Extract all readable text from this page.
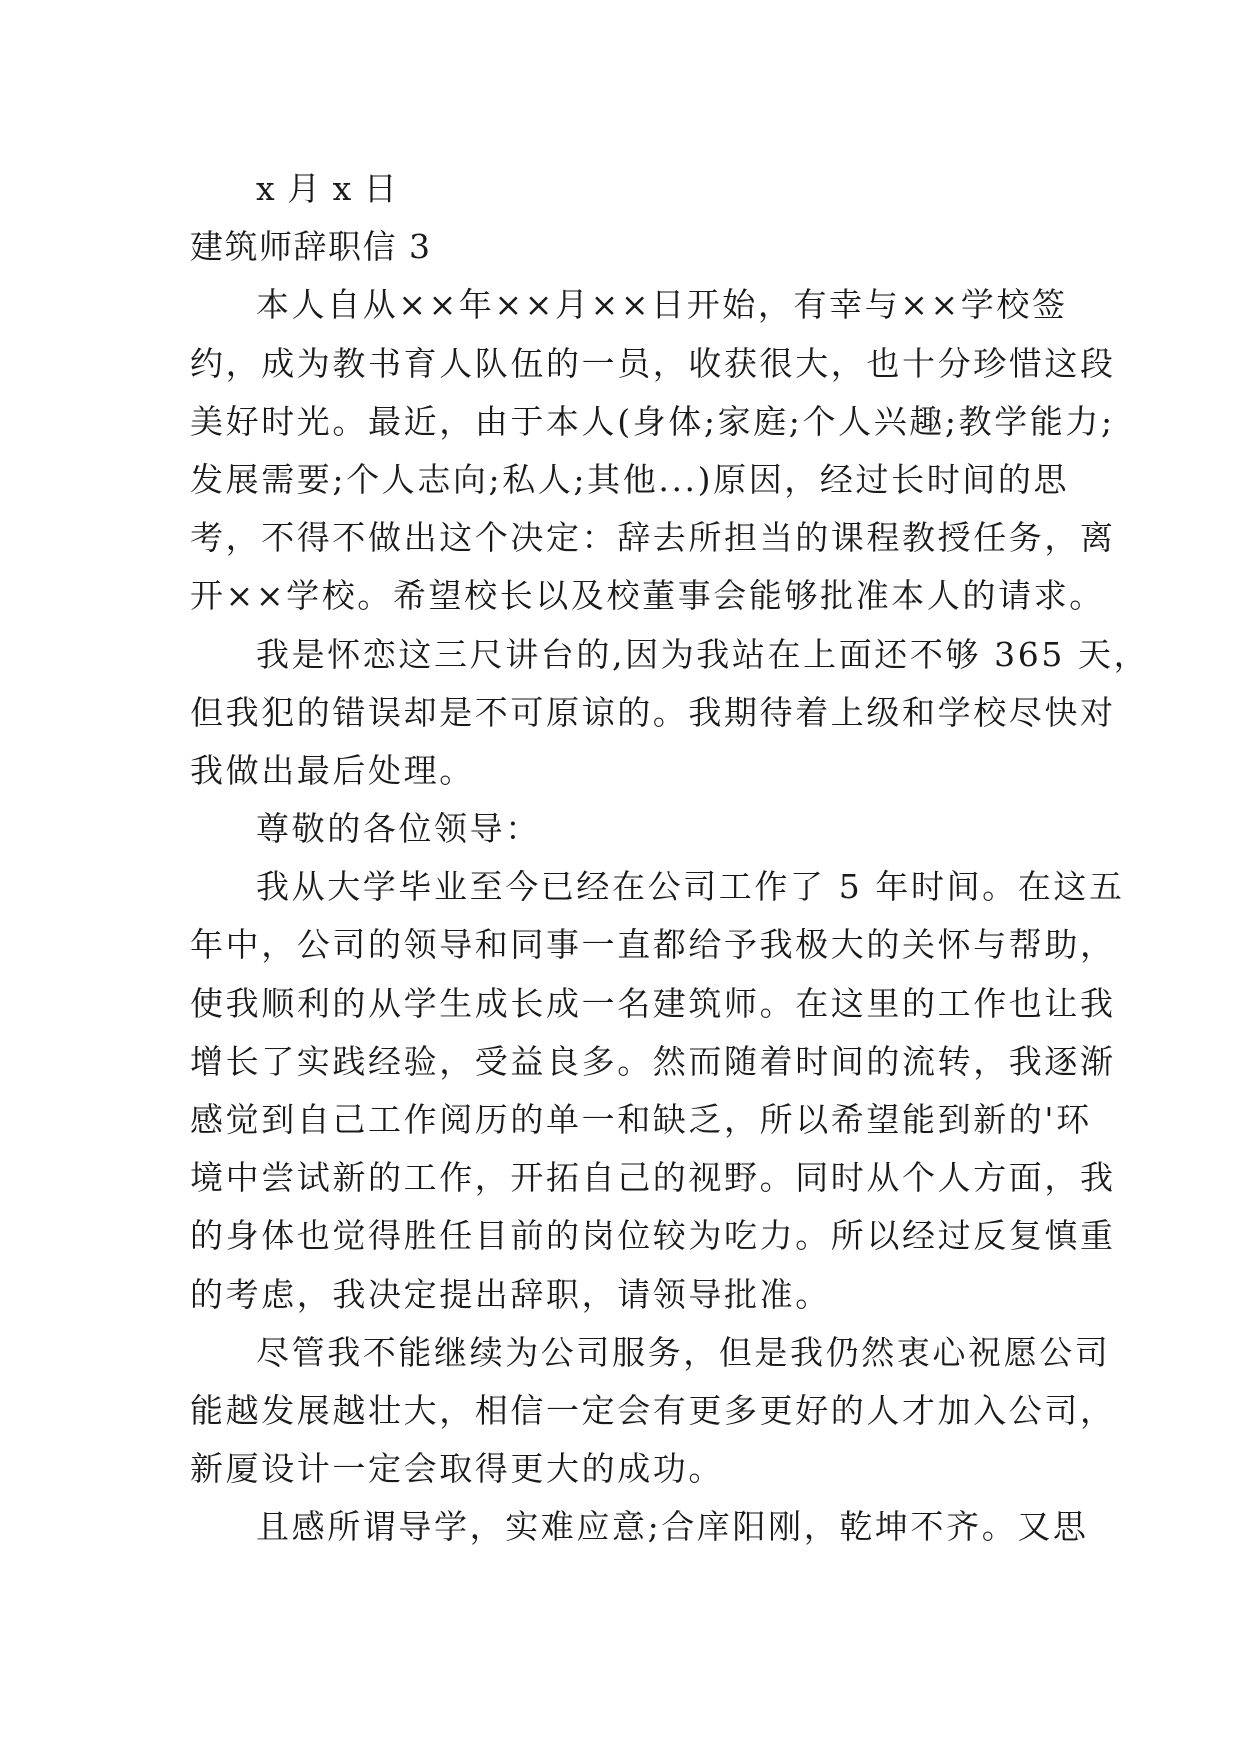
x 月 x 日
建筑师辞职信 3
本人自从××年××月××日开始，有幸与××学校签
约，成为教书育人队伍的一员，收获很大，也十分珍惜这段
美好时光。最近，由于本人(身体;家庭;个人兴趣;教学能力;
发展需要;个人志向;私人;其他...)原因，经过长时间的思
考，不得不做出这个决定：辞去所担当的课程教授任务，离
开××学校。希望校长以及校董事会能够批准本人的请求。
我是怀恋这三尺讲台的,因为我站在上面还不够 365 天，
但我犯的错误却是不可原谅的。我期待着上级和学校尽快对
我做出最后处理。
尊敬的各位领导：
我从大学毕业至今已经在公司工作了 5 年时间。在这五
年中，公司的领导和同事一直都给予我极大的关怀与帮助，
使我顺利的从学生成长成一名建筑师。在这里的工作也让我
增长了实践经验，受益良多。然而随着时间的流转，我逐渐
感觉到自己工作阅历的单一和缺乏，所以希望能到新的'环
境中尝试新的工作，开拓自己的视野。同时从个人方面，我
的身体也觉得胜任目前的岗位较为吃力。所以经过反复慎重
的考虑，我决定提出辞职，请领导批准。
尽管我不能继续为公司服务，但是我仍然衷心祝愿公司
能越发展越壮大，相信一定会有更多更好的人才加入公司，
新厦设计一定会取得更大的成功。
且感所谓导学，实难应意;合庠阳刚，乾坤不齐。又思
